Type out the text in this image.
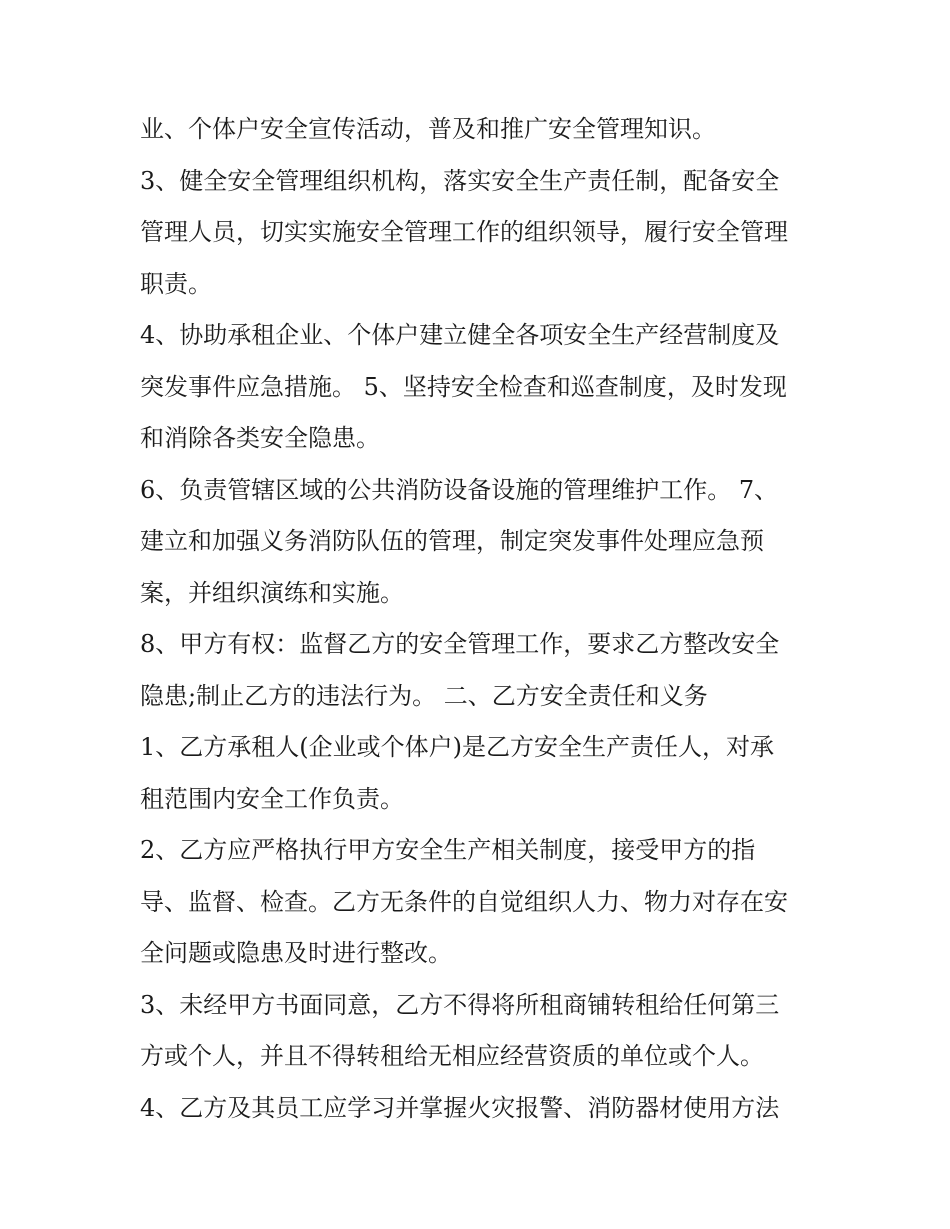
业、个体户安全宣传活动，普及和推广安全管理知识。
3、健全安全管理组织机构，落实安全生产责任制，配备安全
管理人员，切实实施安全管理工作的组织领导，履行安全管理
职责。
4、协助承租企业、个体户建立健全各项安全生产经营制度及
突发事件应急措施。 5、坚持安全检查和巡查制度，及时发现
和消除各类安全隐患。
6、负责管辖区域的公共消防设备设施的管理维护工作。 7、
建立和加强义务消防队伍的管理，制定突发事件处理应急预
案，并组织演练和实施。
8、甲方有权：监督乙方的安全管理工作，要求乙方整改安全
隐患;制止乙方的违法行为。 二、乙方安全责任和义务
1、乙方承租人(企业或个体户)是乙方安全生产责任人，对承
租范围内安全工作负责。
2、乙方应严格执行甲方安全生产相关制度，接受甲方的指
导、监督、检查。乙方无条件的自觉组织人力、物力对存在安
全问题或隐患及时进行整改。
3、未经甲方书面同意，乙方不得将所租商铺转租给任何第三
方或个人，并且不得转租给无相应经营资质的单位或个人。
4、乙方及其员工应学习并掌握火灾报警、消防器材使用方法
